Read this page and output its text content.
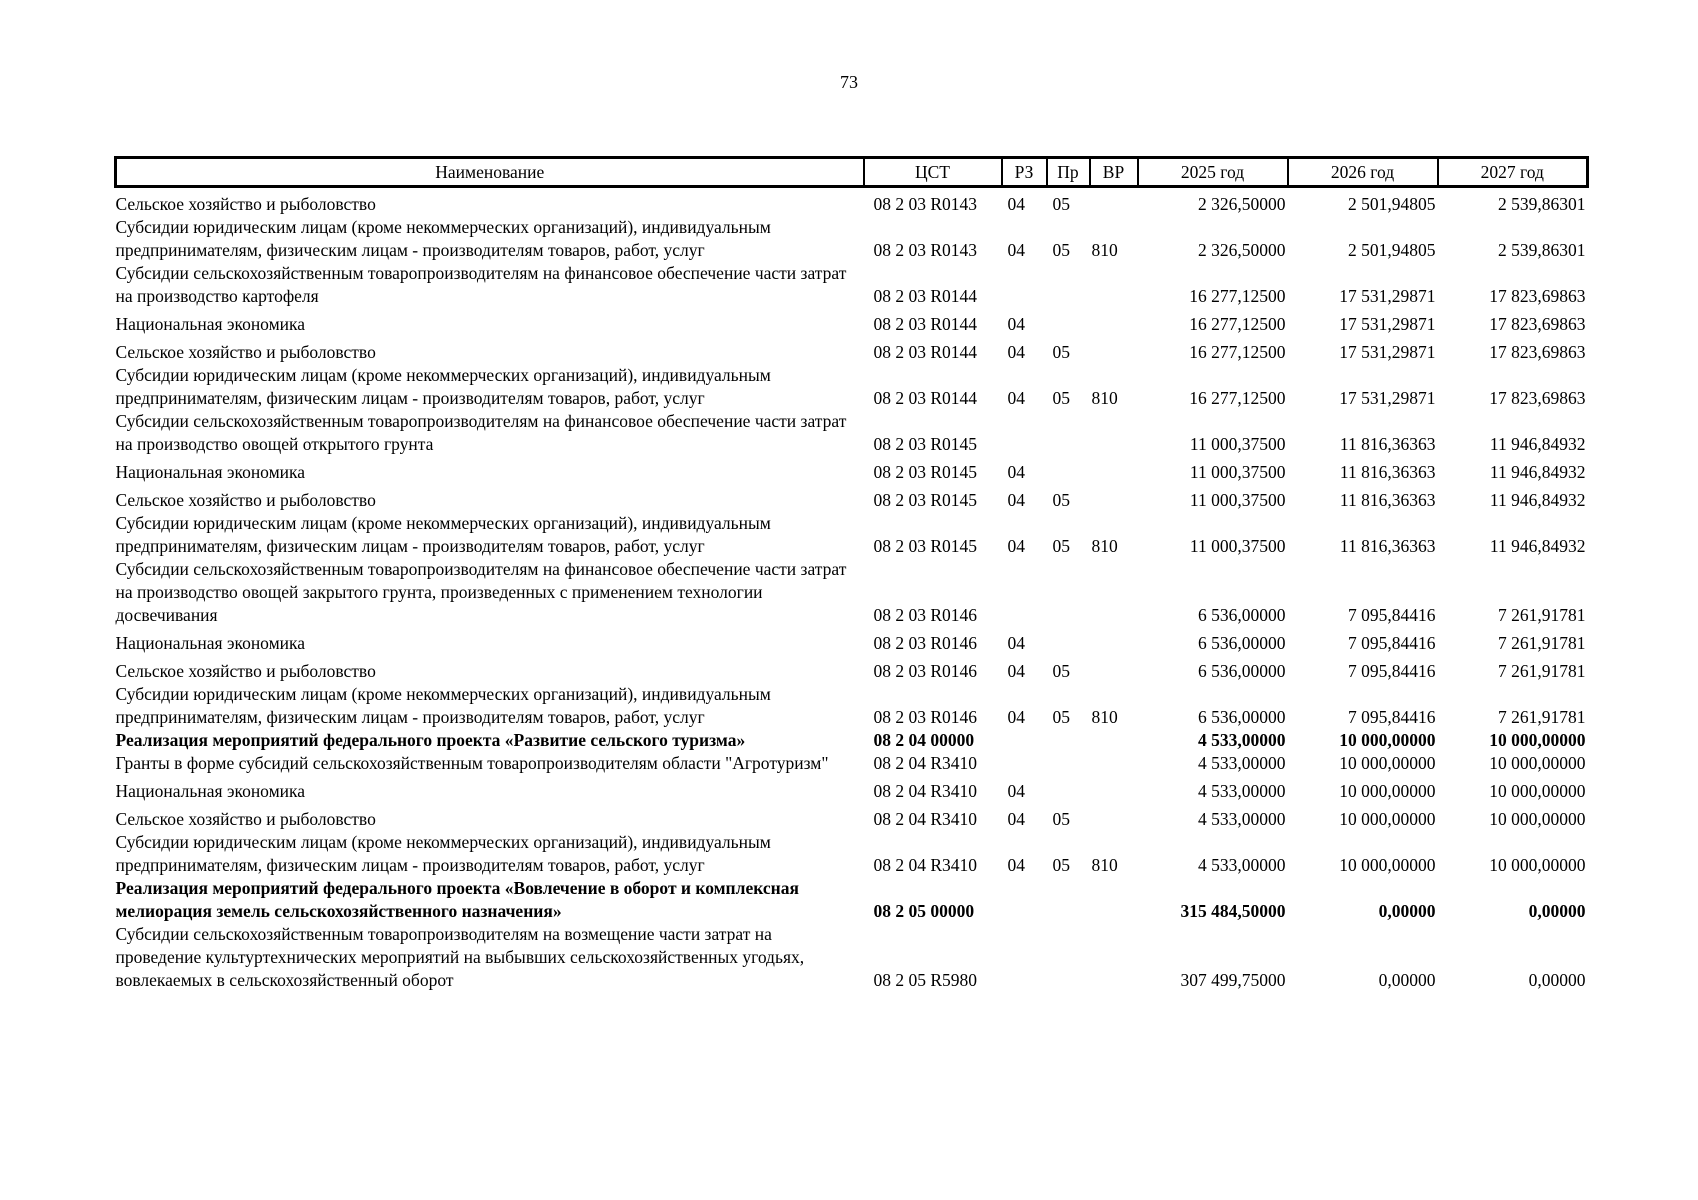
73
Наименование	ЦСТ	РЗ	Пр	ВР	2025 год	2026 год	2027 год
Сельское хозяйство и рыболовство	08 2 03 R0143	04	05		2 326,50000	2 501,94805	2 539,86301
Субсидии юридическим лицам (кроме некоммерческих организаций), индивидуальным предпринимателям, физическим лицам - производителям товаров, работ, услуг	08 2 03 R0143	04	05	810	2 326,50000	2 501,94805	2 539,86301
Субсидии сельскохозяйственным товаропроизводителям на финансовое обеспечение части затрат на производство картофеля	08 2 03 R0144				16 277,12500	17 531,29871	17 823,69863
Национальная экономика	08 2 03 R0144	04			16 277,12500	17 531,29871	17 823,69863
Сельское хозяйство и рыболовство	08 2 03 R0144	04	05		16 277,12500	17 531,29871	17 823,69863
Субсидии юридическим лицам (кроме некоммерческих организаций), индивидуальным предпринимателям, физическим лицам - производителям товаров, работ, услуг	08 2 03 R0144	04	05	810	16 277,12500	17 531,29871	17 823,69863
Субсидии сельскохозяйственным товаропроизводителям на финансовое обеспечение части затрат на производство овощей открытого грунта	08 2 03 R0145				11 000,37500	11 816,36363	11 946,84932
Национальная экономика	08 2 03 R0145	04			11 000,37500	11 816,36363	11 946,84932
Сельское хозяйство и рыболовство	08 2 03 R0145	04	05		11 000,37500	11 816,36363	11 946,84932
Субсидии юридическим лицам (кроме некоммерческих организаций), индивидуальным предпринимателям, физическим лицам - производителям товаров, работ, услуг	08 2 03 R0145	04	05	810	11 000,37500	11 816,36363	11 946,84932
Субсидии сельскохозяйственным товаропроизводителям на финансовое обеспечение части затрат на производство овощей закрытого грунта, произведенных с применением технологии досвечивания	08 2 03 R0146				6 536,00000	7 095,84416	7 261,91781
Национальная экономика	08 2 03 R0146	04			6 536,00000	7 095,84416	7 261,91781
Сельское хозяйство и рыболовство	08 2 03 R0146	04	05		6 536,00000	7 095,84416	7 261,91781
Субсидии юридическим лицам (кроме некоммерческих организаций), индивидуальным предпринимателям, физическим лицам - производителям товаров, работ, услуг	08 2 03 R0146	04	05	810	6 536,00000	7 095,84416	7 261,91781
Реализация мероприятий федерального проекта «Развитие сельского туризма»	08 2 04 00000				4 533,00000	10 000,00000	10 000,00000
Гранты в форме субсидий сельскохозяйственным товаропроизводителям области "Агротуризм"	08 2 04 R3410				4 533,00000	10 000,00000	10 000,00000
Национальная экономика	08 2 04 R3410	04			4 533,00000	10 000,00000	10 000,00000
Сельское хозяйство и рыболовство	08 2 04 R3410	04	05		4 533,00000	10 000,00000	10 000,00000
Субсидии юридическим лицам (кроме некоммерческих организаций), индивидуальным предпринимателям, физическим лицам - производителям товаров, работ, услуг	08 2 04 R3410	04	05	810	4 533,00000	10 000,00000	10 000,00000
Реализация мероприятий федерального проекта «Вовлечение в оборот и комплексная мелиорация земель сельскохозяйственного назначения»	08 2 05 00000				315 484,50000	0,00000	0,00000
Субсидии сельскохозяйственным товаропроизводителям на возмещение части затрат на проведение культуртехнических мероприятий на выбывших сельскохозяйственных угодьях, вовлекаемых в сельскохозяйственный оборот	08 2 05 R5980				307 499,75000	0,00000	0,00000
